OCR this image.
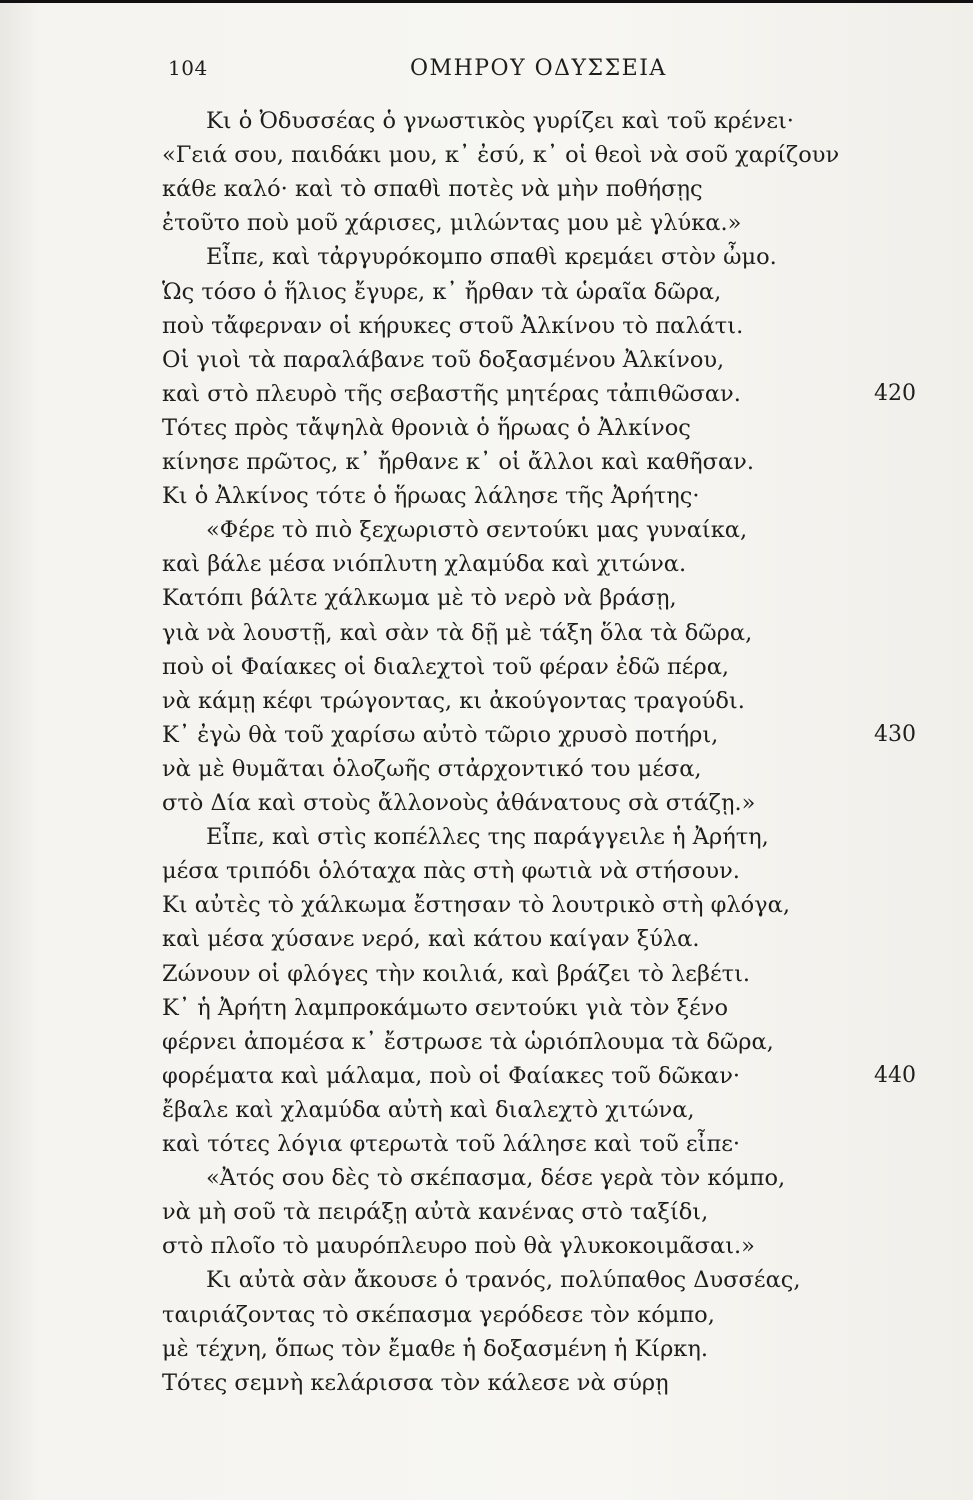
104	ΟΜΗΡΟΥ ΟΔΥΣΣΕΙΑ
Κι ὁ Ὀδυσσέας ὁ γνωστικὸς γυρίζει καὶ τοῦ κρένει·
«Γειά σου, παιδάκι μου, κ᾽ ἐσύ, κ᾽ οἱ θεοὶ νὰ σοῦ χαρίζουν
κάθε καλό· καὶ τὸ σπαθὶ ποτὲς νὰ μὴν ποθήσῃς
ἐτοῦτο ποὺ μοῦ χάρισες, μιλώντας μου μὲ γλύκα.»
Εἶπε, καὶ τἀργυρόκομπο σπαθὶ κρεμάει στὸν ὦμο.
Ὡς τόσο ὁ ἥλιος ἔγυρε, κ᾽ ἤρθαν τὰ ὡραῖα δῶρα,
ποὺ τἄφερναν οἱ κήρυκες στοῦ Ἀλκίνου τὸ παλάτι.
Οἱ γιοὶ τὰ παραλάβανε τοῦ δοξασμένου Ἀλκίνου,
καὶ στὸ πλευρὸ τῆς σεβαστῆς μητέρας τἀπιθῶσαν.	420
Τότες πρὸς τἄψηλὰ θρονιὰ ὁ ἥρωας ὁ Ἀλκίνος
κίνησε πρῶτος, κ᾽ ἤρθανε κ᾽ οἱ ἄλλοι καὶ καθῆσαν.
Κι ὁ Ἀλκίνος τότε ὁ ἥρωας λάλησε τῆς Ἀρήτης·
«Φέρε τὸ πιὸ ξεχωριστὸ σεντούκι μας γυναίκα,
καὶ βάλε μέσα νιόπλυτη χλαμύδα καὶ χιτώνα.
Κατόπι βάλτε χάλκωμα μὲ τὸ νερὸ νὰ βράσῃ,
γιὰ νὰ λουστῇ, καὶ σὰν τὰ δῇ μὲ τάξη ὅλα τὰ δῶρα,
ποὺ οἱ Φαίακες οἱ διαλεχτοὶ τοῦ φέραν ἐδῶ πέρα,
νὰ κάμῃ κέφι τρώγοντας, κι ἀκούγοντας τραγούδι.
Κ᾽ ἐγὼ θὰ τοῦ χαρίσω αὐτὸ τῶριο χρυσὸ ποτήρι,	430
νὰ μὲ θυμᾶται ὁλοζωῆς στἀρχοντικό του μέσα,
στὸ Δία καὶ στοὺς ἄλλονοὺς ἀθάνατους σὰ στάζῃ.»
Εἶπε, καὶ στὶς κοπέλλες της παράγγειλε ἡ Ἀρήτη,
μέσα τριπόδι ὁλόταχα πὰς στὴ φωτιὰ νὰ στήσουν.
Κι αὐτὲς τὸ χάλκωμα ἔστησαν τὸ λουτρικὸ στὴ φλόγα,
καὶ μέσα χύσανε νερό, καὶ κάτου καίγαν ξύλα.
Ζώνουν οἱ φλόγες τὴν κοιλιά, καὶ βράζει τὸ λεβέτι.
Κ᾽ ἡ Ἀρήτη λαμπροκάμωτο σεντούκι γιὰ τὸν ξένο
φέρνει ἀπομέσα κ᾽ ἔστρωσε τὰ ὡριόπλουμα τὰ δῶρα,
φορέματα καὶ μάλαμα, ποὺ οἱ Φαίακες τοῦ δῶκαν·	440
ἔβαλε καὶ χλαμύδα αὐτὴ καὶ διαλεχτὸ χιτώνα,
καὶ τότες λόγια φτερωτὰ τοῦ λάλησε καὶ τοῦ εἶπε·
«Ἀτός σου δὲς τὸ σκέπασμα, δέσε γερὰ τὸν κόμπο,
νὰ μὴ σοῦ τὰ πειράξῃ αὐτὰ κανένας στὸ ταξίδι,
στὸ πλοῖο τὸ μαυρόπλευρο ποὺ θὰ γλυκοκοιμᾶσαι.»
Κι αὐτὰ σὰν ἄκουσε ὁ τρανός, πολύπαθος Δυσσέας,
ταιριάζοντας τὸ σκέπασμα γερόδεσε τὸν κόμπο,
μὲ τέχνη, ὅπως τὸν ἔμαθε ἡ δοξασμένη ἡ Κίρκη.
Τότες σεμνὴ κελάρισσα τὸν κάλεσε νὰ σύρῃ
